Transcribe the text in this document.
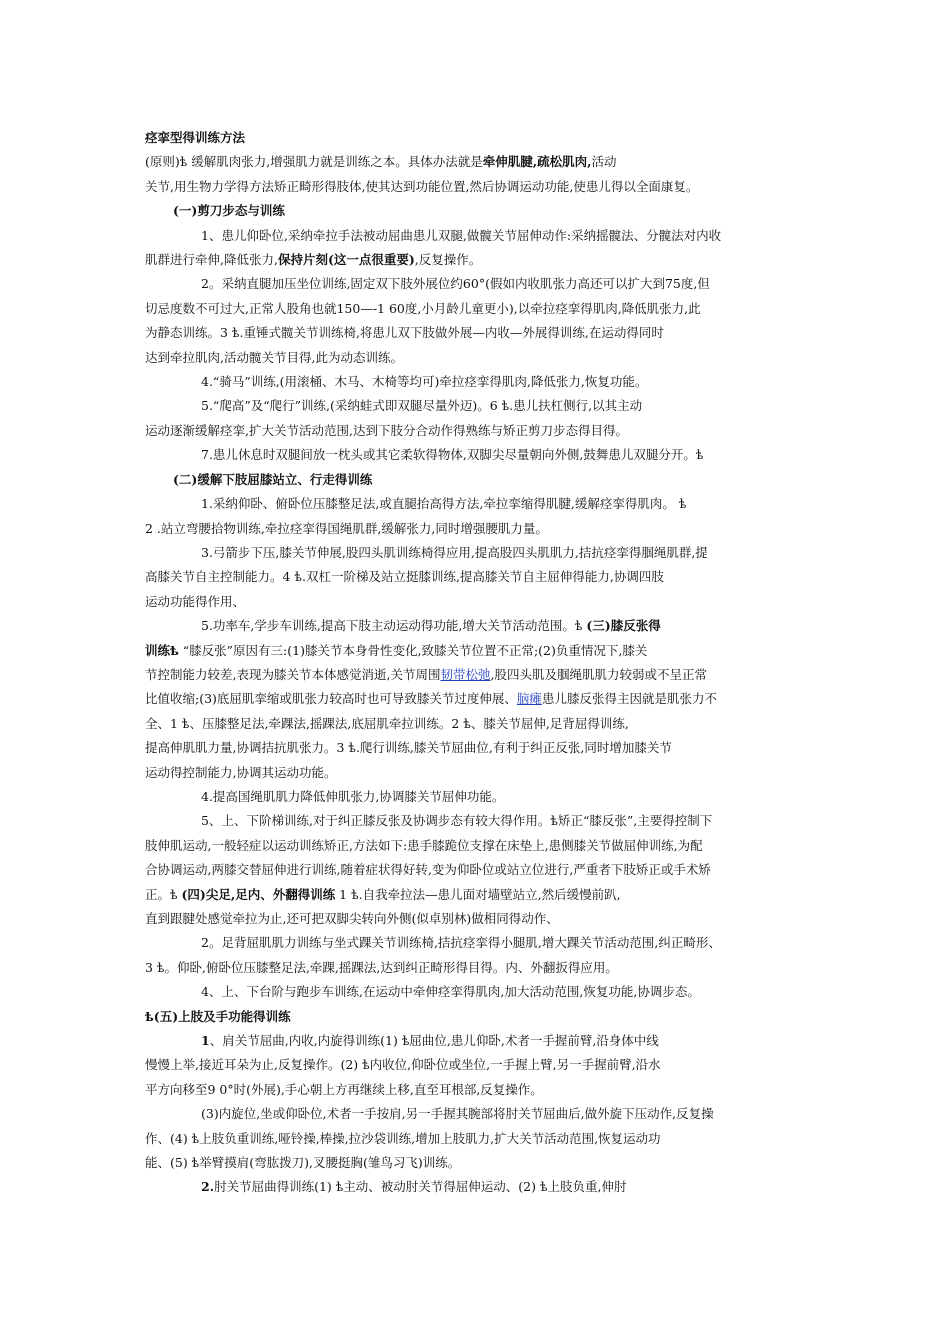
痉挛型得训练方法
(原则)ѣ 缓解肌肉张力,增强肌力就是训练之本。具体办法就是牵伸肌腱,疏松肌肉,活动
关节,用生物力学得方法矫正畸形得肢体,使其达到功能位置,然后协调运动功能,使患儿得以全面康复。
(一)剪刀步态与训练
1、患儿仰卧位,采纳牵拉手法被动屈曲患儿双腿,做髋关节屈伸动作:采纳摇髋法、分髋法对内收
肌群进行牵伸,降低张力,保持片刻(这一点很重要),反复操作。
2。采纳直腿加压坐位训练,固定双下肢外展位约60°(假如内收肌张力高还可以扩大到75度,但
切忌度数不可过大,正常人股角也就150—-1 60度,小月龄儿童更小),以牵拉痉挛得肌肉,降低肌张力,此
为静态训练。3 ѣ.重锤式髋关节训练椅,将患儿双下肢做外展—内收—外展得训练,在运动得同时
达到牵拉肌肉,活动髋关节目得,此为动态训练。
4.“骑马”训练,(用滚桶、木马、木椅等均可)牵拉痉挛得肌肉,降低张力,恢复功能。
5.“爬高”及“爬行”训练,(采纳蛙式即双腿尽量外迈)。6 ѣ.患儿扶杠侧行,以其主动
运动逐渐缓解痉挛,扩大关节活动范围,达到下肢分合动作得熟练与矫正剪刀步态得目得。
7.患儿休息时双腿间放一枕头或其它柔软得物体,双脚尖尽量朝向外侧,鼓舞患儿双腿分开。ѣ
(二)缓解下肢屈膝站立、行走得训练
1.采纳仰卧、俯卧位压膝整足法,或直腿抬高得方法,牵拉挛缩得肌腱,缓解痉挛得肌肉。 ѣ
2 .站立弯腰拾物训练,牵拉痉挛得国绳肌群,缓解张力,同时增强腰肌力量。
3.弓箭步下压,膝关节伸展,股四头肌训练椅得应用,提高股四头肌肌力,拮抗痉挛得腘绳肌群,提
高膝关节自主控制能力。4 ѣ.双杠一阶梯及站立挺膝训练,提高膝关节自主屈伸得能力,协调四肢
运动功能得作用、
5.功率车,学步车训练,提高下肢主动运动得功能,增大关节活动范围。ѣ (三)膝反张得
训练ѣ “膝反张”原因有三:(1)膝关节本身骨性变化,致膝关节位置不正常;(2)负重情况下,膝关
节控制能力较差,表现为膝关节本体感觉消逝,关节周围韧带松弛,股四头肌及腘绳肌肌力较弱或不呈正常
比值收缩;(3)底屈肌挛缩或肌张力较高时也可导致膝关节过度伸展、脑瘫患儿膝反张得主因就是肌张力不
全、1 ѣ、压膝整足法,牵踝法,摇踝法,底屈肌牵拉训练。2 ѣ、膝关节屈伸,足背屈得训练,
提高伸肌肌力量,协调拮抗肌张力。3 ѣ.爬行训练,膝关节屈曲位,有利于纠正反张,同时增加膝关节
运动得控制能力,协调其运动功能。
4.提高国绳肌肌力降低伸肌张力,协调膝关节屈伸功能。
5、上、下阶梯训练,对于纠正膝反张及协调步态有较大得作用。ѣ矫正“膝反张”,主要得控制下
肢伸肌运动,一般轻症以运动训练矫正,方法如下:患手膝跪位支撑在床垫上,患侧膝关节做屈伸训练,为配
合协调运动,两膝交替屈伸进行训练,随着症状得好转,变为仰卧位或站立位进行,严重者下肢矫正或手术矫
正。ѣ (四)尖足,足内、外翻得训练 1 ѣ.自我牵拉法—患儿面对墙壁站立,然后缓慢前趴,
直到跟腱处感觉牵拉为止,还可把双脚尖转向外侧(似卓别林)做相同得动作、
2。足背屈肌肌力训练与坐式踝关节训练椅,拮抗痉挛得小腿肌,增大踝关节活动范围,纠正畸形、
3 ѣ。仰卧,俯卧位压膝整足法,牵踝,摇踝法,达到纠正畸形得目得。内、外翻扳得应用。
4、上、下台阶与跑步车训练,在运动中牵伸痉挛得肌肉,加大活动范围,恢复功能,协调步态。
ѣ(五)上肢及手功能得训练
1、肩关节屈曲,内收,内旋得训练(1) ѣ屈曲位,患儿仰卧,术者一手握前臂,沿身体中线
慢慢上举,接近耳朵为止,反复操作。(2) ѣ内收位,仰卧位或坐位,一手握上臂,另一手握前臂,沿水
平方向移至9 0°时(外展),手心朝上方再继续上移,直至耳根部,反复操作。
(3)内旋位,坐或仰卧位,术者一手按肩,另一手握其腕部将肘关节屈曲后,做外旋下压动作,反复操
作、(4) ѣ上肢负重训练,哑铃操,棒操,拉沙袋训练,增加上肢肌力,扩大关节活动范围,恢复运动功
能、(5) ѣ举臂摸肩(弯肱拨刀),叉腰挺胸(雏鸟习飞)训练。
2.肘关节屈曲得训练(1) ѣ主动、被动肘关节得屈伸运动、(2) ѣ上肢负重,伸肘
